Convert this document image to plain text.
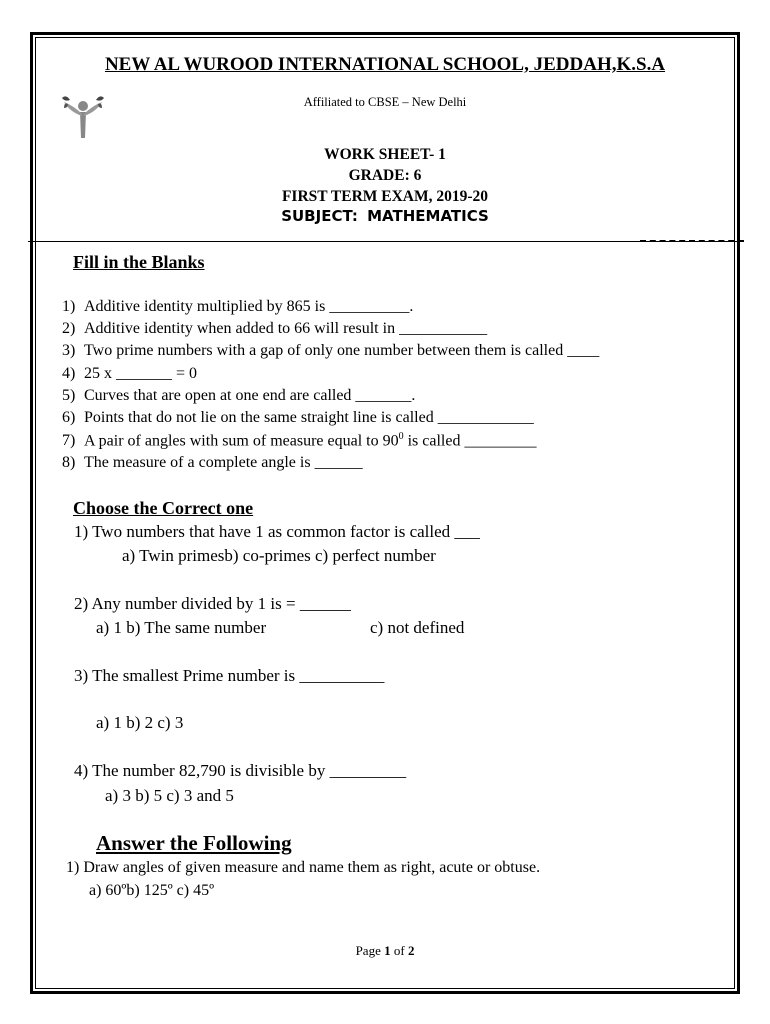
NEW AL WUROOD INTERNATIONAL SCHOOL, JEDDAH,K.S.A
Affiliated to CBSE – New Delhi
WORK SHEET- 1
GRADE: 6
FIRST TERM EXAM, 2019-20
SUBJECT: MATHEMATICS
Fill in the Blanks
1) Additive identity multiplied by 865 is __________.
2) Additive identity when added to 66 will result in ___________
3) Two prime numbers with a gap of only one number between them is called ____
4) 25 x _______ = 0
5) Curves that are open at one end are called _______.
6) Points that do not lie on the same straight line is called ____________
7) A pair of angles with sum of measure equal to $90^0$ is called _________
8) The measure of a complete angle is ______
Choose the Correct one
1) Two numbers that have 1 as common factor is called ___
a) Twin primesb) co-primes c) perfect number
2) Any number divided by 1 is = ______
a) 1 b) The same number	c) not defined
3) The smallest Prime number is __________
a) 1 b) 2 c) 3
4) The number 82,790 is divisible by _________
a) 3 b) 5 c) 3 and 5
Answer the Following
1) Draw angles of given measure and name them as right, acute or obtuse.
a) 60ºb) 125º c) 45º
Page 1 of 2
